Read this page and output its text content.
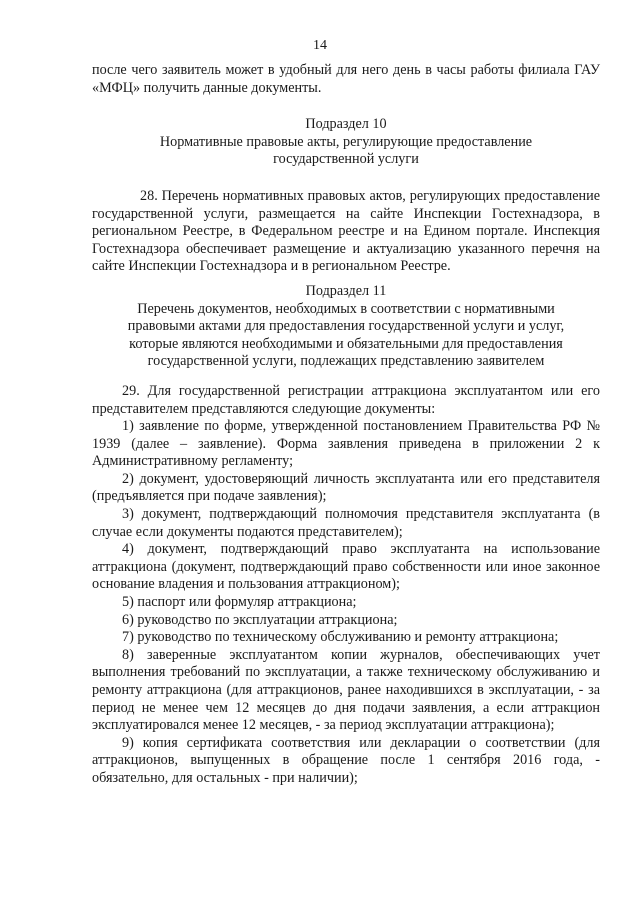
14

после чего заявитель может в удобный для него день в часы работы филиала ГАУ «МФЦ» получить данные документы.

Подраздел 10

Нормативные правовые акты, регулирующие предоставление государственной услуги

28. Перечень нормативных правовых актов, регулирующих предоставление государственной услуги, размещается на сайте Инспекции Гостехнадзора, в региональном Реестре, в Федеральном реестре и на Едином портале. Инспекция Гостехнадзора обеспечивает размещение и актуализацию указанного перечня на сайте Инспекции Гостехнадзора и в региональном Реестре.

Подраздел 11

Перечень документов, необходимых в соответствии с нормативными правовыми актами для предоставления государственной услуги и услуг, которые являются необходимыми и обязательными для предоставления государственной услуги, подлежащих представлению заявителем

29. Для государственной регистрации аттракциона эксплуатантом или его представителем представляются следующие документы:

1) заявление по форме, утвержденной постановлением Правительства РФ № 1939 (далее – заявление). Форма заявления приведена в приложении 2 к Административному регламенту;

2) документ, удостоверяющий личность эксплуатанта или его представителя (предъявляется при подаче заявления);

3) документ, подтверждающий полномочия представителя эксплуатанта (в случае если документы подаются представителем);

4) документ, подтверждающий право эксплуатанта на использование аттракциона (документ, подтверждающий право собственности или иное законное основание владения и пользования аттракционом);

5) паспорт или формуляр аттракциона;

6) руководство по эксплуатации аттракциона;

7) руководство по техническому обслуживанию и ремонту аттракциона;

8) заверенные эксплуатантом копии журналов, обеспечивающих учет выполнения требований по эксплуатации, а также техническому обслуживанию и ремонту аттракциона (для аттракционов, ранее находившихся в эксплуатации, - за период не менее чем 12 месяцев до дня подачи заявления, а если аттракцион эксплуатировался менее 12 месяцев, - за период эксплуатации аттракциона);

9) копия сертификата соответствия или декларации о соответствии (для аттракционов, выпущенных в обращение после 1 сентября 2016 года, - обязательно, для остальных - при наличии);
